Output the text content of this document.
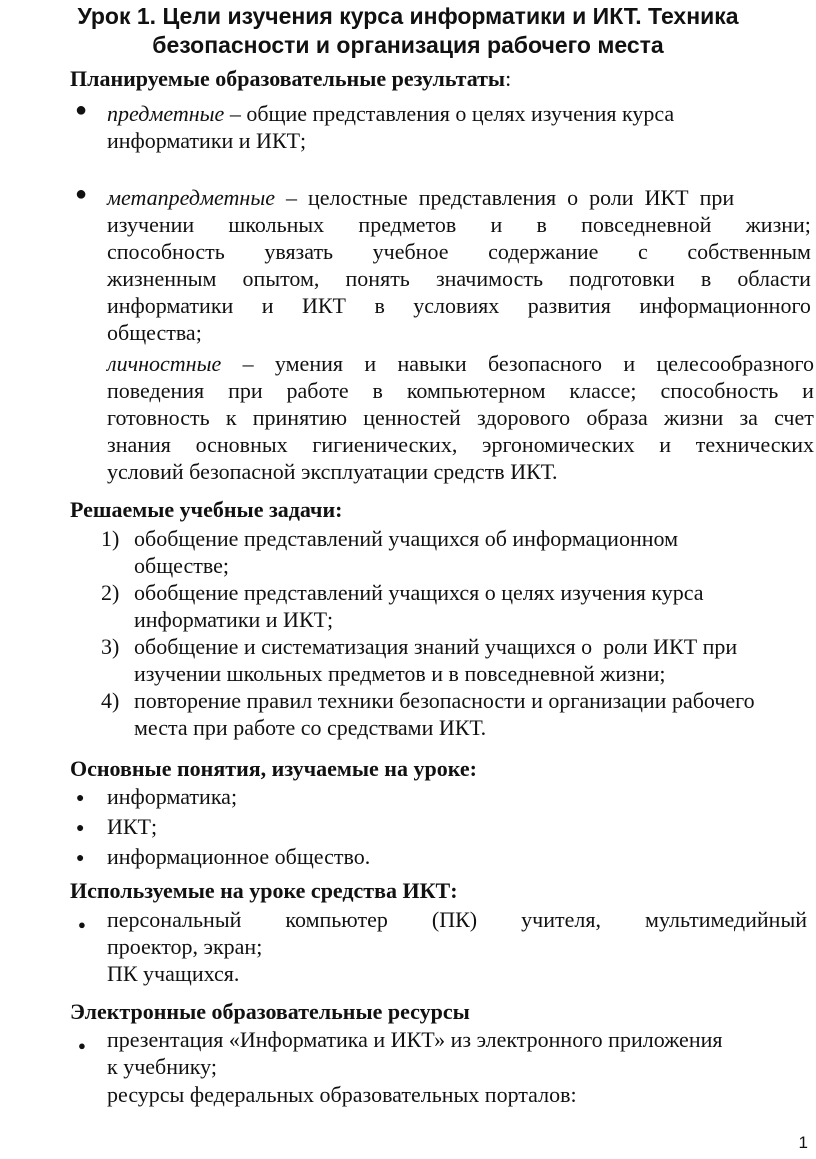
Урок 1. Цели изучения курса информатики и ИКТ. Техника
безопасности и организация рабочего места
Планируемые образовательные результаты:
● предметные – общие представления о целях изучения курса
информатики и ИКТ;
● метапредметные –  целостные  представления  о  роли  ИКТ  при
изучении школьных предметов и в повседневной жизни;
способность увязать учебное содержание с собственным
жизненным опытом, понять значимость подготовки в области
информатики и ИКТ в условиях развития информационного
общества;
личностные – умения и навыки безопасного и целесообразного
поведения при работе в компьютерном классе; способность и
готовность к принятию ценностей здорового образа жизни за счет
знания основных гигиенических, эргономических и технических
условий безопасной эксплуатации средств ИКТ.
Решаемые учебные задачи:
1) обобщение представлений учащихся об информационном
обществе;
2) обобщение представлений учащихся о целях изучения курса
информатики и ИКТ;
3) обобщение и систематизация знаний учащихся о  роли ИКТ при
изучении школьных предметов и в повседневной жизни;
4) повторение правил техники безопасности и организации рабочего
места при работе со средствами ИКТ.
Основные понятия, изучаемые на уроке:
● информатика;
● ИКТ;
● информационное общество.
Используемые на уроке средства ИКТ:
● персональный компьютер (ПК) учителя, мультимедийный
проектор, экран;
ПК учащихся.
Электронные образовательные ресурсы
● презентация «Информатика и ИКТ» из электронного приложения
к учебнику;
ресурсы федеральных образовательных порталов:
1
